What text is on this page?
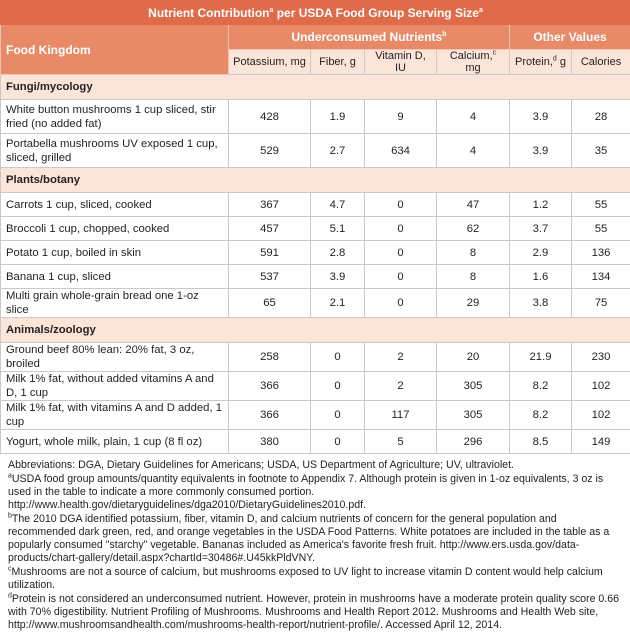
Nutrient Contribution$^a$ per USDA Food Group Serving Size$^a$
Food Kingdom	Underconsumed Nutrients$^b$				Other Values	
	Potassium, mg	Fiber, g	Vitamin D, IU	Calcium,$^c$ mg	Protein,$^d$ g	Calories
Fungi/mycology						
White button mushrooms 1 cup sliced, stir fried (no added fat)	428	1.9	9	4	3.9	28
Portabella mushrooms UV exposed 1 cup, sliced, grilled	529	2.7	634	4	3.9	35
Plants/botany						
Carrots 1 cup, sliced, cooked	367	4.7	0	47	1.2	55
Broccoli 1 cup, chopped, cooked	457	5.1	0	62	3.7	55
Potato 1 cup, boiled in skin	591	2.8	0	8	2.9	136
Banana 1 cup, sliced	537	3.9	0	8	1.6	134
Multi grain whole-grain bread one 1-oz slice	65	2.1	0	29	3.8	75
Animals/zoology						
Ground beef 80% lean: 20% fat, 3 oz, broiled	258	0	2	20	21.9	230
Milk 1% fat, without added vitamins A and D, 1 cup	366	0	2	305	8.2	102
Milk 1% fat, with vitamins A and D added, 1 cup	366	0	117	305	8.2	102
Yogurt, whole milk, plain, 1 cup (8 fl oz)	380	0	5	296	8.5	149

Abbreviations: DGA, Dietary Guidelines for Americans; USDA, US Department of Agriculture; UV, ultraviolet.

$^a$USDA food group amounts/quantity equivalents in footnote to Appendix 7. Although protein is given in 1-oz equivalents, 3 oz is used in the table to indicate a more commonly consumed portion. http://www.health.gov/dietaryguidelines/dga2010/DietaryGuidelines2010.pdf.

$^b$The 2010 DGA identified potassium, fiber, vitamin D, and calcium nutrients of concern for the general population and recommended dark green, red, and orange vegetables in the USDA Food Patterns. White potatoes are included in the table as a popularly consumed "starchy" vegetable. Bananas included as America's favorite fresh fruit. http://www.ers.usda.gov/data-products/chart-gallery/detail.aspx?chartId=30486#.U45kkPldVNY.

$^c$Mushrooms are not a source of calcium, but mushrooms exposed to UV light to increase vitamin D content would help calcium utilization.

$^d$Protein is not considered an underconsumed nutrient. However, protein in mushrooms have a moderate protein quality score 0.66 with 70% digestibility. Nutrient Profiling of Mushrooms. Mushrooms and Health Report 2012. Mushrooms and Health Web site, http://www.mushroomsandhealth.com/mushrooms-health-report/nutrient-profile/. Accessed April 12, 2014.
